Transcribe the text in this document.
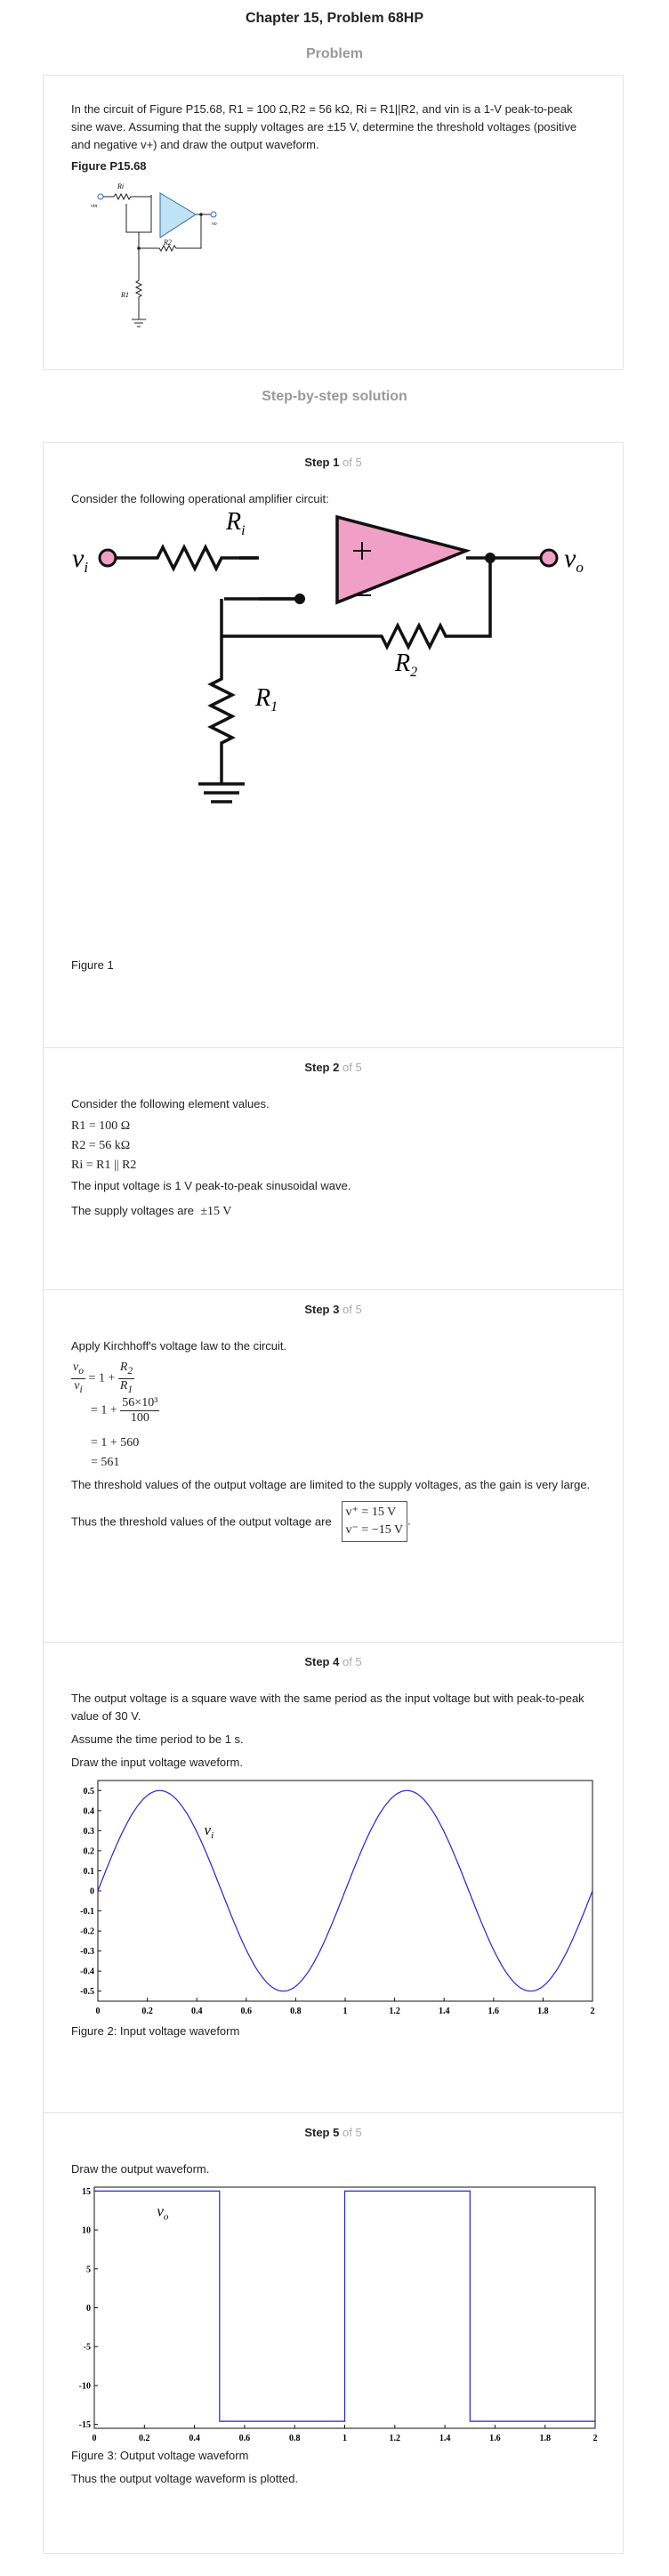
Chapter 15, Problem 68HP
Problem

In the circuit of Figure P15.68, R1 = 100 Ω,R2 = 56 kΩ, Ri = R1||R2, and vin is a 1-V peak-to-peak sine wave. Assuming that the supply voltages are ±15 V, determine the threshold voltages (positive and negative v+) and draw the output waveform.

Figure P15.68

Ri
vin
R2
R1
vo
Step-by-step solution
Step 1 of 5

Consider the following operational amplifier circuit:

$v_i$
$R_i$
$R_2$
$R_1$
$v_o$

Figure 1

Step 2 of 5

Consider the following element values.

R1 = 100 Ω
R2 = 56 kΩ
Ri = R1 || R2

The input voltage is 1 V peak-to-peak sinusoidal wave.

The supply voltages are ±15 V

Step 3 of 5

Apply Kirchhoff's voltage law to the circuit.

$\frac{v_o}{v_i} = 1 + \frac{R_2}{R_1}$
= $1 + \frac{\text{56×10³}}{100}$
= 1 + 560
= 561

The threshold values of the output voltage are limited to the supply voltages, as the gain is very large.

Thus the threshold values of the output voltage are
v⁺ = 15 V
v⁻ = −15 V
.
Step 4 of 5

The output voltage is a square wave with the same period as the input voltage but with peak-to-peak value of 30 V.

Assume the time period to be 1 s.

Draw the input voltage waveform.

0	0.2	0.4	0.6	0.8	1	1.2	1.4	1.6	1.8	2
0.5
0.4
0.3
0.2
0.1
0
-0.1
-0.2
-0.3
-0.4
-0.5
$v_i$

Figure 2: Input voltage waveform

Step 5 of 5

Draw the output waveform.

0	0.2	0.4	0.6	0.8	1	1.2	1.4	1.6	1.8	2
15
10
5
0
-5
-10
-15
$v_o$

Figure 3: Output voltage waveform

Thus the output voltage waveform is plotted.
